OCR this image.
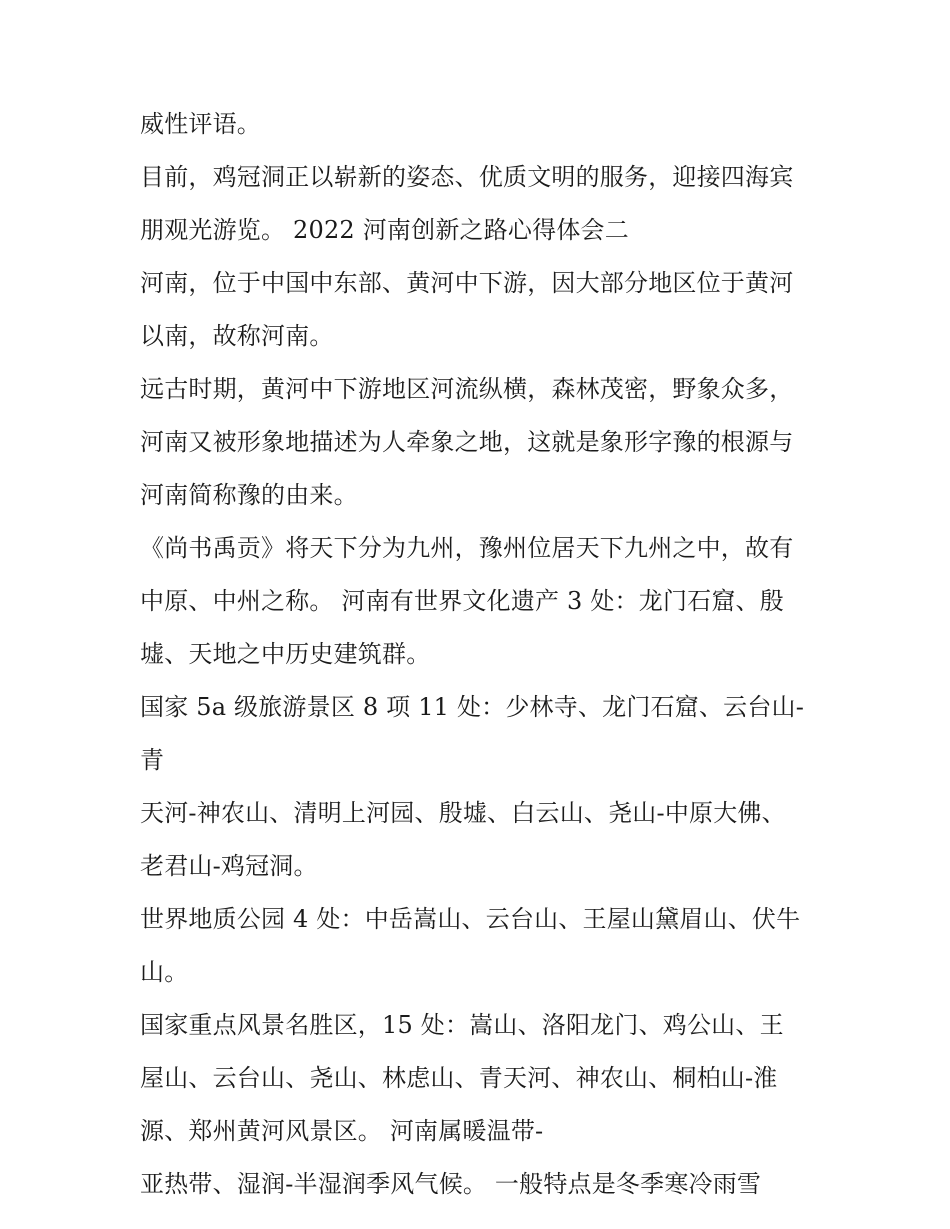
威性评语。

目前，鸡冠洞正以崭新的姿态、优质文明的服务，迎接四海宾

朋观光游览。 2022 河南创新之路心得体会二

河南，位于中国中东部、黄河中下游，因大部分地区位于黄河

以南，故称河南。

远古时期，黄河中下游地区河流纵横，森林茂密，野象众多，

河南又被形象地描述为人牵象之地，这就是象形字豫的根源与

河南简称豫的由来。

《尚书禹贡》将天下分为九州，豫州位居天下九州之中，故有

中原、中州之称。 河南有世界文化遗产 3 处：龙门石窟、殷

墟、天地之中历史建筑群。

国家 5a 级旅游景区 8 项 11 处：少林寺、龙门石窟、云台山-青

天河-神农山、清明上河园、殷墟、白云山、尧山-中原大佛、

老君山-鸡冠洞。

世界地质公园 4 处：中岳嵩山、云台山、王屋山黛眉山、伏牛

山。

国家重点风景名胜区，15 处：嵩山、洛阳龙门、鸡公山、王

屋山、云台山、尧山、林虑山、青天河、神农山、桐柏山-淮

源、郑州黄河风景区。 河南属暖温带-

亚热带、湿润-半湿润季风气候。 一般特点是冬季寒冷雨雪
